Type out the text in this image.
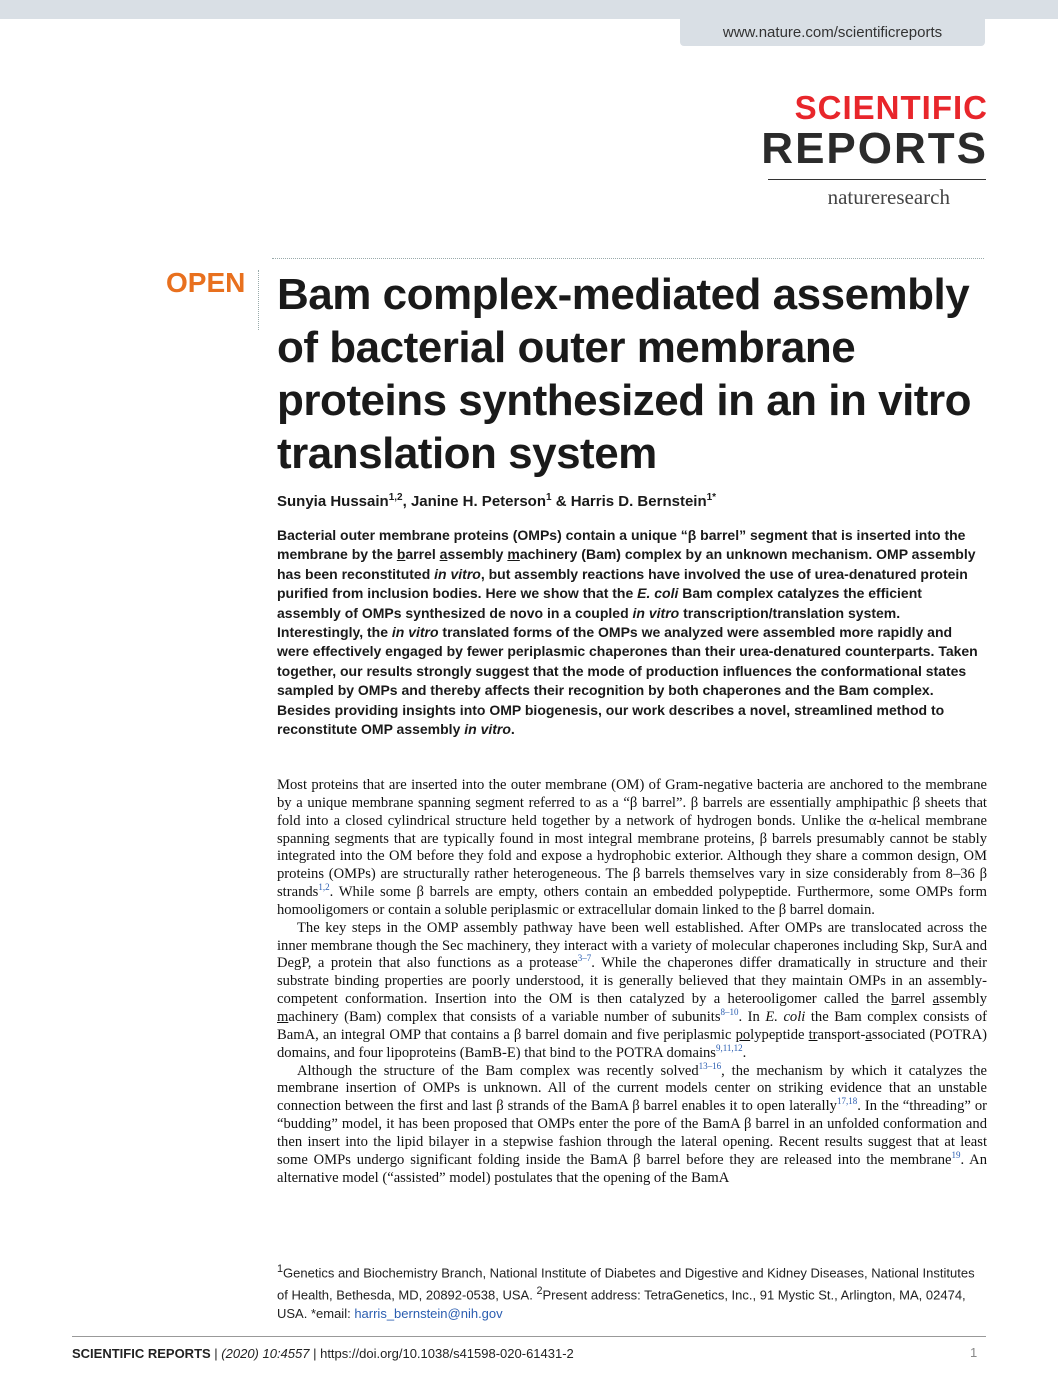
www.nature.com/scientificreports
SCIENTIFIC
REPORTS
natureresearch
OPEN Bam complex-mediated assembly of bacterial outer membrane proteins synthesized in an in vitro translation system
Sunyia Hussain$^{1,2}$, Janine H. Peterson$^1$ & Harris D. Bernstein$^{1*}$
Bacterial outer membrane proteins (OMPs) contain a unique “β barrel” segment that is inserted into the membrane by the barrel assembly machinery (Bam) complex by an unknown mechanism. OMP assembly has been reconstituted in vitro, but assembly reactions have involved the use of urea-denatured protein purified from inclusion bodies. Here we show that the E. coli Bam complex catalyzes the efficient assembly of OMPs synthesized de novo in a coupled in vitro transcription/translation system. Interestingly, the in vitro translated forms of the OMPs we analyzed were assembled more rapidly and were effectively engaged by fewer periplasmic chaperones than their urea-denatured counterparts. Taken together, our results strongly suggest that the mode of production influences the conformational states sampled by OMPs and thereby affects their recognition by both chaperones and the Bam complex. Besides providing insights into OMP biogenesis, our work describes a novel, streamlined method to reconstitute OMP assembly in vitro.

Most proteins that are inserted into the outer membrane (OM) of Gram-negative bacteria are anchored to the membrane by a unique membrane spanning segment referred to as a “β barrel”. β barrels are essentially amphipathic β sheets that fold into a closed cylindrical structure held together by a network of hydrogen bonds. Unlike the α-helical membrane spanning segments that are typically found in most integral membrane proteins, β barrels presumably cannot be stably integrated into the OM before they fold and expose a hydrophobic exterior. Although they share a common design, OM proteins (OMPs) are structurally rather heterogeneous. The β barrels themselves vary in size considerably from 8–36 β strands$^{1,2}$. While some β barrels are empty, others contain an embedded polypeptide. Furthermore, some OMPs form homooligomers or contain a soluble periplasmic or extracellular domain linked to the β barrel domain.

The key steps in the OMP assembly pathway have been well established. After OMPs are translocated across the inner membrane though the Sec machinery, they interact with a variety of molecular chaperones including Skp, SurA and DegP, a protein that also functions as a protease$^{3-7}$. While the chaperones differ dramatically in structure and their substrate binding properties are poorly understood, it is generally believed that they maintain OMPs in an assembly-competent conformation. Insertion into the OM is then catalyzed by a heterooligomer called the barrel assembly machinery (Bam) complex that consists of a variable number of subunits$^{8-10}$. In E. coli the Bam complex consists of BamA, an integral OMP that contains a β barrel domain and five periplasmic polypeptide transport-associated (POTRA) domains, and four lipoproteins (BamB-E) that bind to the POTRA domains$^{9,11,12}$.

Although the structure of the Bam complex was recently solved$^{13-16}$, the mechanism by which it catalyzes the membrane insertion of OMPs is unknown. All of the current models center on striking evidence that an unstable connection between the first and last β strands of the BamA β barrel enables it to open laterally$^{17,18}$. In the “threading” or “budding” model, it has been proposed that OMPs enter the pore of the BamA β barrel in an unfolded conformation and then insert into the lipid bilayer in a stepwise fashion through the lateral opening. Recent results suggest that at least some OMPs undergo significant folding inside the BamA β barrel before they are released into the membrane$^{19}$. An alternative model (“assisted” model) postulates that the opening of the BamA

$^1$Genetics and Biochemistry Branch, National Institute of Diabetes and Digestive and Kidney Diseases, National Institutes of Health, Bethesda, MD, 20892-0538, USA. $^2$Present address: TetraGenetics, Inc., 91 Mystic St., Arlington, MA, 02474, USA. *email: harris_bernstein@nih.gov
SCIENTIFIC REPORTS | (2020) 10:4557 | https://doi.org/10.1038/s41598-020-61431-2	1
